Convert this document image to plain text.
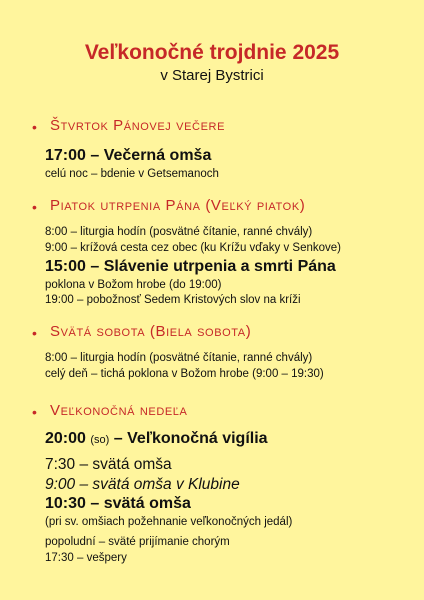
Veľkonočné trojdnie 2025
v Starej Bystrici
• Štvrtok Pánovej večere
17:00 – Večerná omša
celú noc – bdenie v Getsemanoch
• Piatok utrpenia Pána (Veľký piatok)
8:00 – liturgia hodín (posvätné čítanie, ranné chvály)
9:00 – krížová cesta cez obec (ku Krížu vďaky v Senkove)
15:00 – Slávenie utrpenia a smrti Pána
poklona v Božom hrobe (do 19:00)
19:00 – pobožnosť Sedem Kristových slov na kríži
• Svätá sobota (Biela sobota)
8:00 – liturgia hodín (posvätné čítanie, ranné chvály)
celý deň – tichá poklona v Božom hrobe (9:00 – 19:30)
• Veľkonočná nedeľa
20:00 (so) – Veľkonočná vigília
7:30 – svätá omša
9:00 – svätá omša v Klubine
10:30 – svätá omša
(pri sv. omšiach požehnanie veľkonočných jedál)
popoludní – sväté prijímanie chorým
17:30 – vešpery
